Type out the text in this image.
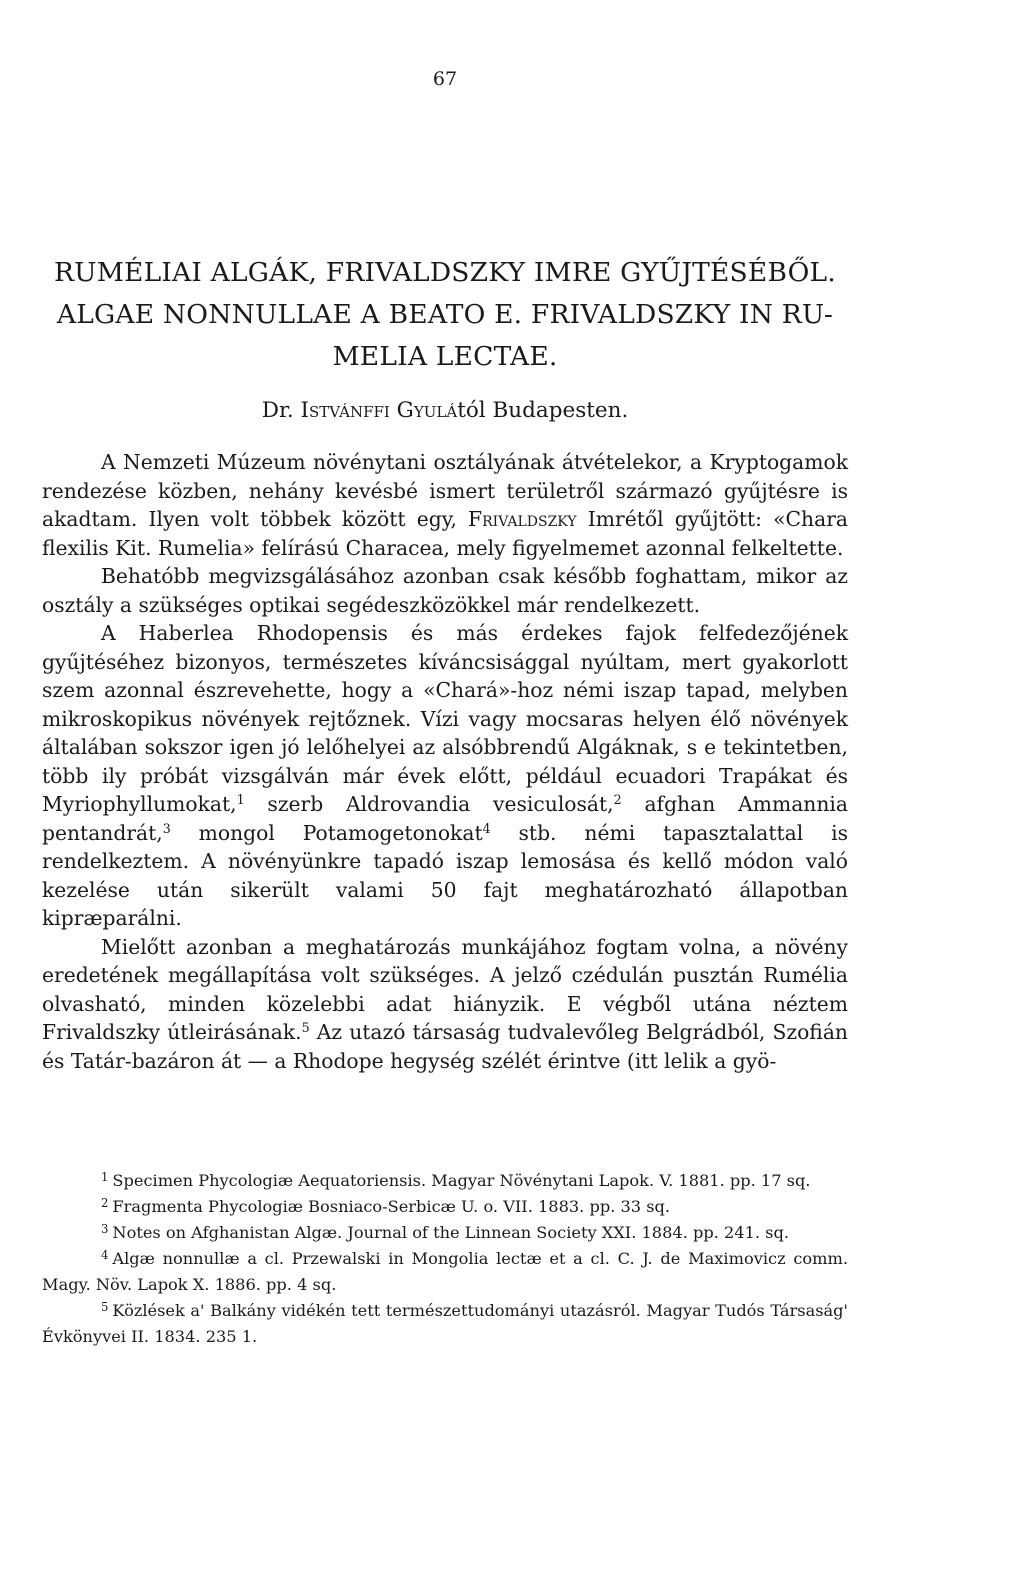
67
RUMÉLIAI ALGÁK, FRIVALDSZKY IMRE GYŰJTÉSÉBŐL.
ALGAE NONNULLAE A BEATO E. FRIVALDSZKY IN RU-
MELIA LECTAE.
Dr. Istvánffi Gyulától Budapesten.

A Nemzeti Múzeum növénytani osztályának átvételekor, a Kryptogamok rendezése közben, nehány kevésbé ismert területről származó gyűjtésre is akadtam. Ilyen volt többek között egy, Frivaldszky Imrétől gyűjtött: «Chara flexilis Kit. Rumelia» felírású Characea, mely figyelmemet azonnal felkeltette.

Behatóbb megvizsgálásához azonban csak később foghattam, mikor az osztály a szükséges optikai segédeszközökkel már rendelkezett.

A Haberlea Rhodopensis és más érdekes fajok felfedezőjének gyűjtéséhez bizonyos, természetes kíváncsisággal nyúltam, mert gyakorlott szem azonnal észrevehette, hogy a «Chará»-hoz némi iszap tapad, melyben mikroskopikus növények rejtőznek. Vízi vagy mocsaras helyen élő növények általában sokszor igen jó lelőhelyei az alsóbbrendű Algáknak, s e tekintetben, több ily próbát vizsgálván már évek előtt, például ecuadori Trapákat és Myriophyllumokat,$^1$ szerb Aldrovandia vesiculosát,$^2$ afghan Ammannia pentandrát,$^3$ mongol Potamogetonokat$^4$ stb. némi tapasztalattal is rendelkeztem. A növényünkre tapadó iszap lemosása és kellő módon való kezelése után sikerült valami 50 fajt meghatározható állapotban kipræparálni.

Mielőtt azonban a meghatározás munkájához fogtam volna, a növény eredetének megállapítása volt szükséges. A jelző czédulán pusztán Rumélia olvasható, minden közelebbi adat hiányzik. E végből utána néztem Frivaldszky útleirásának.$^5$ Az utazó társaság tudvalevőleg Belgrádból, Szofián és Tatár-bazáron át — a Rhodope hegység szélét érintve (itt lelik a gyö-

$^1$ Specimen Phycologiæ Aequatoriensis. Magyar Növénytani Lapok. V. 1881. pp. 17 sq.

$^2$ Fragmenta Phycologiæ Bosniaco-Serbicæ U. o. VII. 1883. pp. 33 sq.

$^3$ Notes on Afghanistan Algæ. Journal of the Linnean Society XXI. 1884. pp. 241. sq.

$^4$ Algæ nonnullæ a cl. Przewalski in Mongolia lectæ et a cl. C. J. de Maximovicz comm. Magy. Növ. Lapok X. 1886. pp. 4 sq.

$^5$ Közlések a' Balkány vidékén tett természettudományi utazásról. Magyar Tudós Társaság' Évkönyvei II. 1834. 235 1.
